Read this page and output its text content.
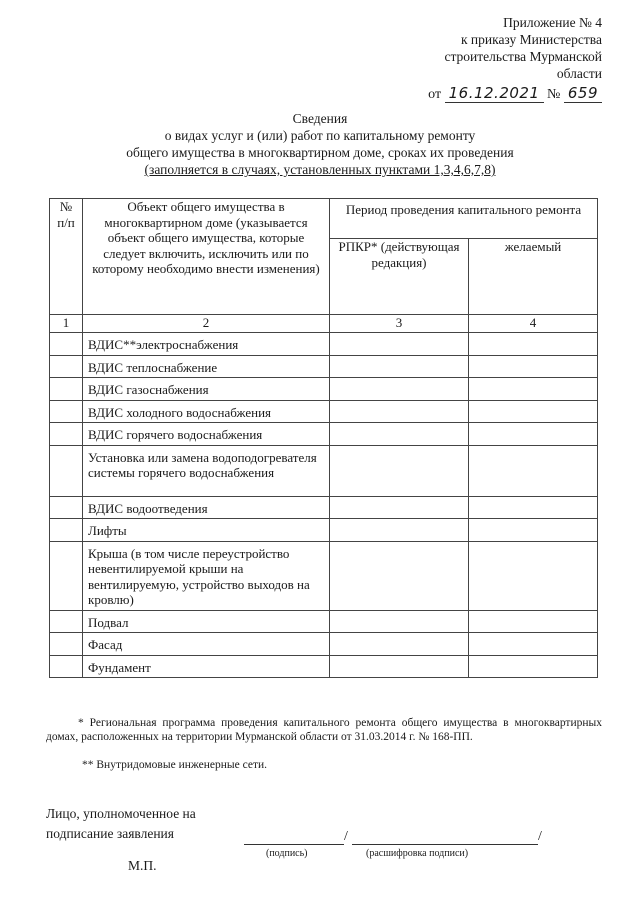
Приложение № 4
к приказу Министерства
строительства Мурманской
области
от 16.12.2021 № 659
Сведения
о видах услуг и (или) работ по капитальному ремонту
общего имущества в многоквартирном доме, сроках их проведения
(заполняется в случаях, установленных пунктами 1,3,4,6,7,8)
№ п/п	Объект общего имущества в многоквартирном доме (указывается объект общего имущества, которые следует включить, исключить или по которому необходимо внести изменения)	Период проведения капитального ремонта	
		РПКР* (действующая редакция)	желаемый
1	2	3	4
	ВДИС**электроснабжения		
	ВДИС теплоснабжение		
	ВДИС газоснабжения		
	ВДИС холодного водоснабжения		
	ВДИС горячего водоснабжения		
	Установка или замена водоподогревателя системы горячего водоснабжения		
	ВДИС водоотведения		
	Лифты		
	Крыша (в том числе переустройство невентилируемой крыши на вентилируемую, устройство выходов на кровлю)		
	Подвал		
	Фасад		
	Фундамент		

* Региональная программа проведения капитального ремонта общего имущества в многоквартирных домах, расположенных на территории Мурманской области от 31.03.2014 г. № 168-ПП.

** Внутридомовые инженерные сети.

Лицо, уполномоченное на
подписание заявления	/	/
(подпись)	(расшифровка подписи)
М.П.
